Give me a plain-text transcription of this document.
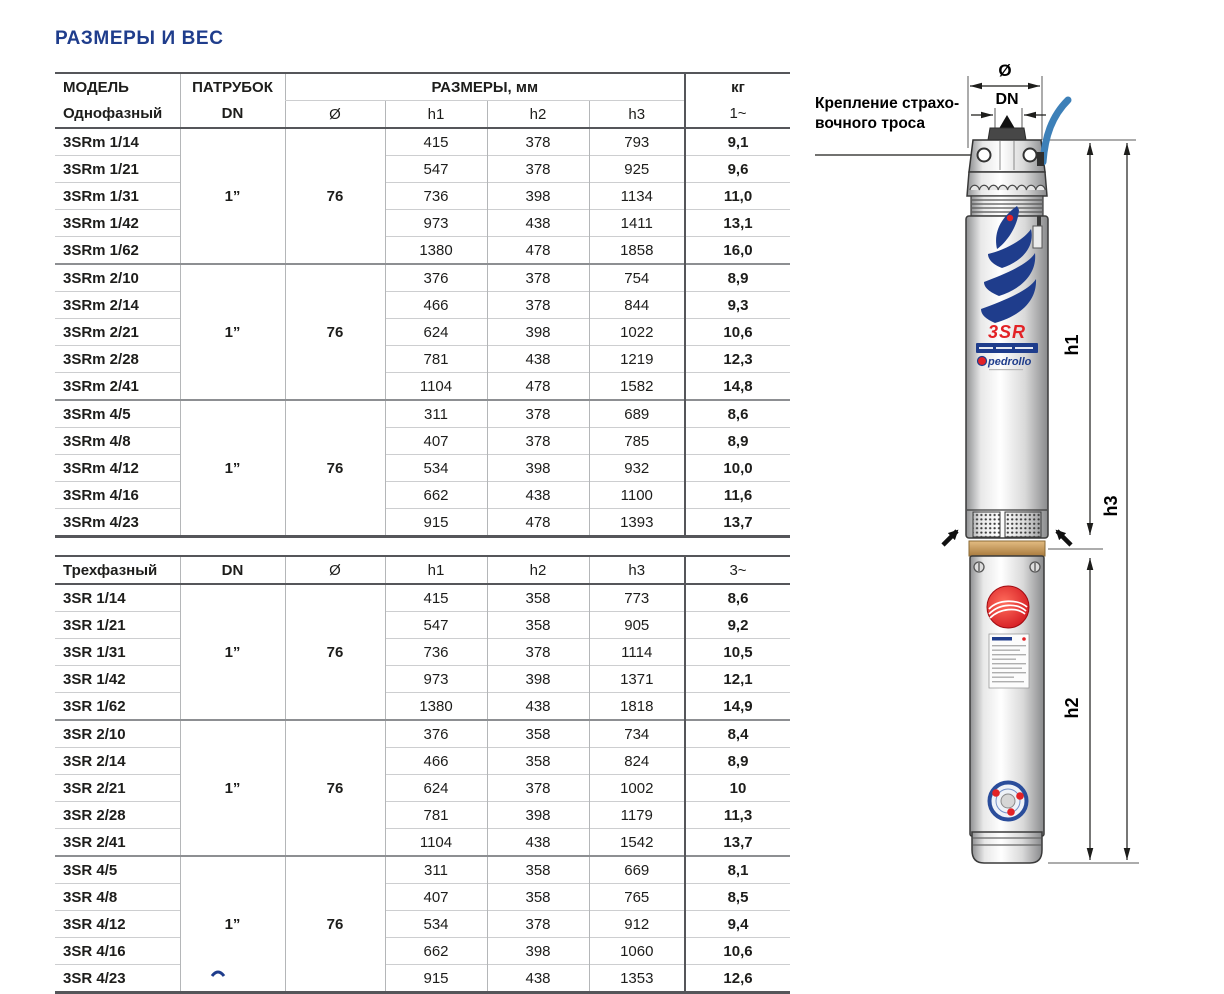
РАЗМЕРЫ И ВЕС
МОДЕЛЬ	ПАТРУБОК	РАЗМЕРЫ, мм				кг
Однофазный	DN	Ø	h1	h2	h3	1~
3SRm 1/14	1”	76	415	378	793	9,1
3SRm 1/21			547	378	925	9,6
3SRm 1/31			736	398	1134	11,0
3SRm 1/42			973	438	1411	13,1
3SRm 1/62			1380	478	1858	16,0
3SRm 2/10	1”	76	376	378	754	8,9
3SRm 2/14			466	378	844	9,3
3SRm 2/21			624	398	1022	10,6
3SRm 2/28			781	438	1219	12,3
3SRm 2/41			1104	478	1582	14,8
3SRm 4/5	1”	76	311	378	689	8,6
3SRm 4/8			407	378	785	8,9
3SRm 4/12			534	398	932	10,0
3SRm 4/16			662	438	1100	11,6
3SRm 4/23			915	478	1393	13,7
Трехфазный	DN	Ø	h1	h2	h3	3~
3SR 1/14	1”	76	415	358	773	8,6
3SR 1/21			547	358	905	9,2
3SR 1/31			736	378	1114	10,5
3SR 1/42			973	398	1371	12,1
3SR 1/62			1380	438	1818	14,9
3SR 2/10	1”	76	376	358	734	8,4
3SR 2/14			466	358	824	8,9
3SR 2/21			624	378	1002	10
3SR 2/28			781	398	1179	11,3
3SR 2/41			1104	438	1542	13,7
3SR 4/5	1”	76	311	358	669	8,1
3SR 4/8			407	358	765	8,5
3SR 4/12			534	378	912	9,4
3SR 4/16			662	398	1060	10,6
3SR 4/23			915	438	1353	12,6
Крепление страхо-
вочного троса
Ø
DN
3SR
pedrollo
h1
h2
h3
